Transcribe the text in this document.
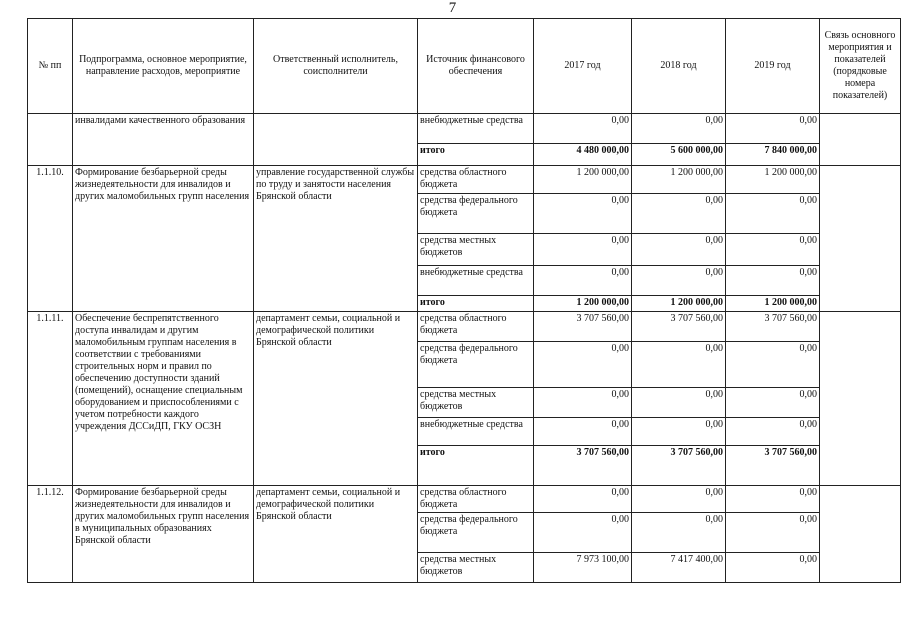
7
№ пп	Подпрограмма, основное мероприятие, направление расходов, мероприятие	Ответственный исполнитель, соисполнители	Источник финансового обеспечения	2017 год	2018 год	2019 год	Связь основного мероприятия и показателей (порядковые номера показателей)
	инвалидами качественного образования		внебюджетные средства	0,00	0,00	0,00	
			итого	4 480 000,00	5 600 000,00	7 840 000,00	
1.1.10.	Формирование безбарьерной среды жизнедеятельности для инвалидов и других маломобильных групп населения	управление государственной службы по труду и занятости населения Брянской области	средства областного бюджета	1 200 000,00	1 200 000,00	1 200 000,00	
			средства федерального бюджета	0,00	0,00	0,00	
			средства местных бюджетов	0,00	0,00	0,00	
			внебюджетные средства	0,00	0,00	0,00	
			итого	1 200 000,00	1 200 000,00	1 200 000,00	
1.1.11.	Обеспечение беспрепятственного доступа инвалидам и другим маломобильным группам населения в соответствии с требованиями строительных норм и правил по обеспечению доступности зданий (помещений), оснащение специальным оборудованием и приспособлениями с учетом потребности каждого учреждения ДССиДП, ГКУ ОСЗН	департамент семьи, социальной и демографической политики Брянской области	средства областного бюджета	3 707 560,00	3 707 560,00	3 707 560,00	
			средства федерального бюджета	0,00	0,00	0,00	
			средства местных бюджетов	0,00	0,00	0,00	
			внебюджетные средства	0,00	0,00	0,00	
			итого	3 707 560,00	3 707 560,00	3 707 560,00	
1.1.12.	Формирование безбарьерной среды жизнедеятельности для инвалидов и других маломобильных групп населения в муниципальных образованиях Брянской области	департамент семьи, социальной и демографической политики Брянской области	средства областного бюджета	0,00	0,00	0,00	
			средства федерального бюджета	0,00	0,00	0,00	
			средства местных бюджетов	7 973 100,00	7 417 400,00	0,00	
